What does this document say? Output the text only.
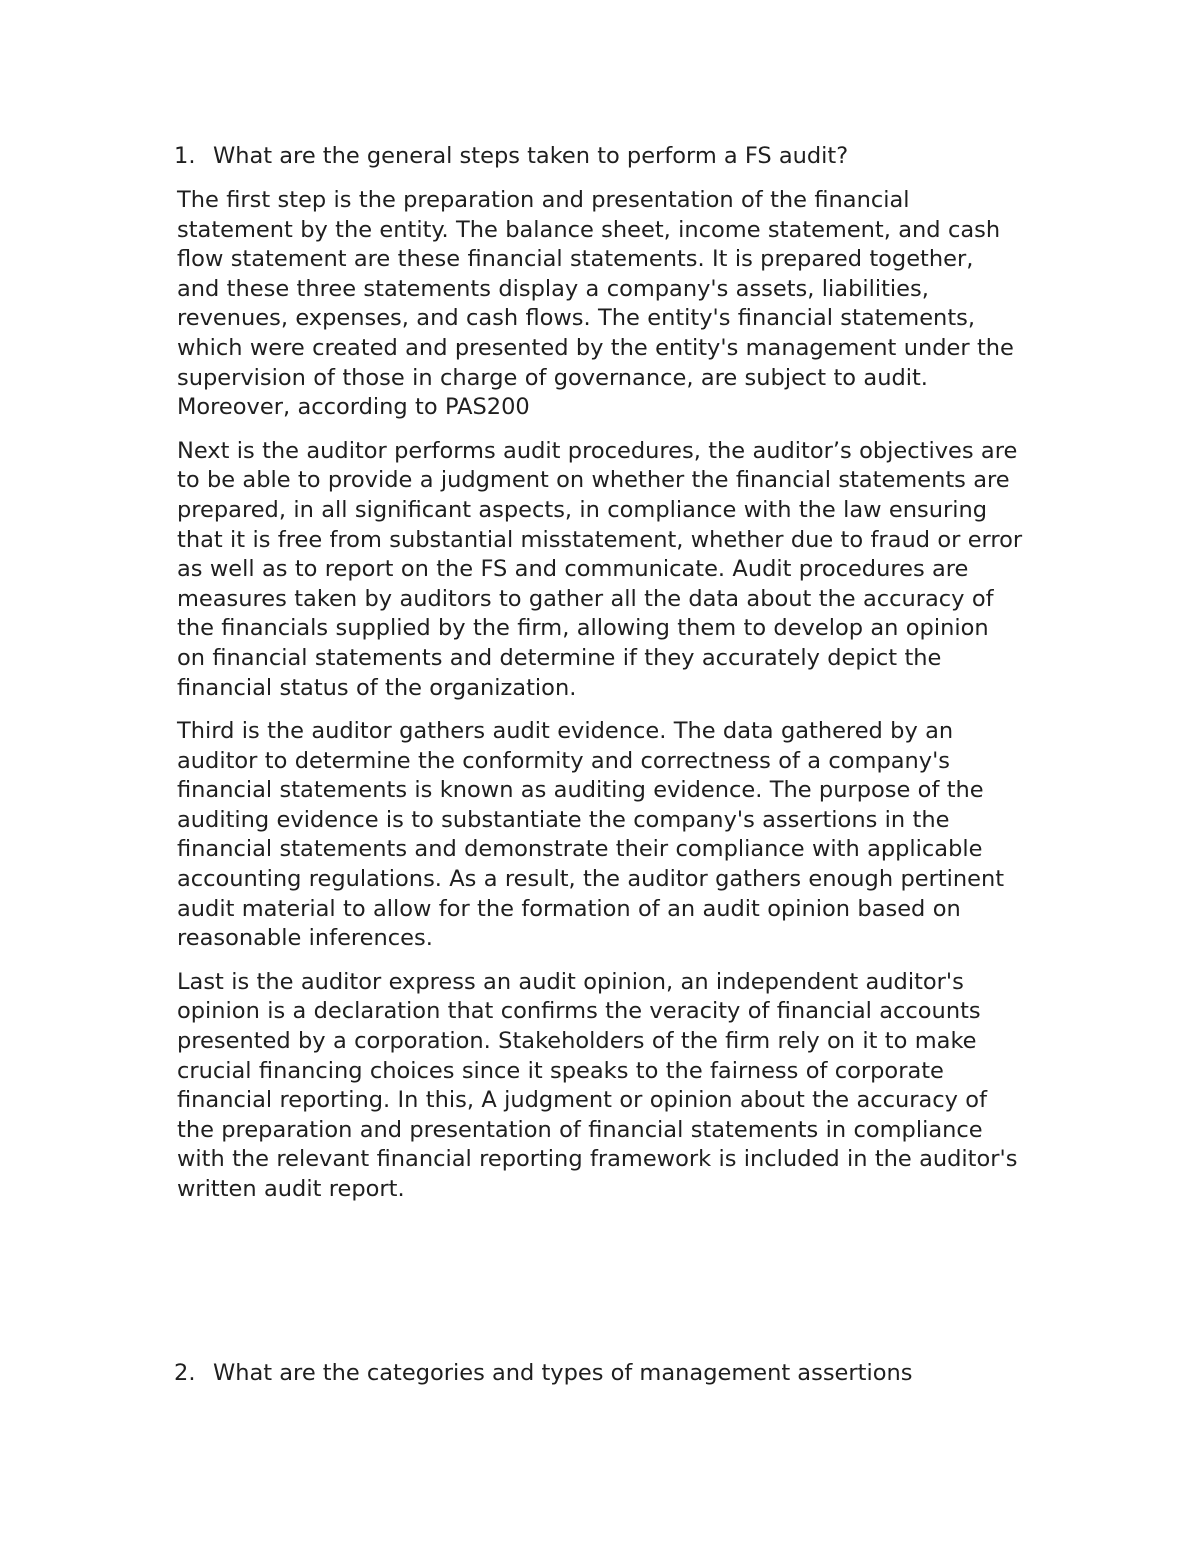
1. What are the general steps taken to perform a FS audit?

The first step is the preparation and presentation of the financial
statement by the entity. The balance sheet, income statement, and cash
flow statement are these financial statements. It is prepared together,
and these three statements display a company's assets, liabilities,
revenues, expenses, and cash flows. The entity's financial statements,
which were created and presented by the entity's management under the
supervision of those in charge of governance, are subject to audit.
Moreover, according to PAS200

Next is the auditor performs audit procedures, the auditor’s objectives are
to be able to provide a judgment on whether the financial statements are
prepared, in all significant aspects, in compliance with the law ensuring
that it is free from substantial misstatement, whether due to fraud or error
as well as to report on the FS and communicate. Audit procedures are
measures taken by auditors to gather all the data about the accuracy of
the financials supplied by the firm, allowing them to develop an opinion
on financial statements and determine if they accurately depict the
financial status of the organization.

Third is the auditor gathers audit evidence. The data gathered by an
auditor to determine the conformity and correctness of a company's
financial statements is known as auditing evidence. The purpose of the
auditing evidence is to substantiate the company's assertions in the
financial statements and demonstrate their compliance with applicable
accounting regulations. As a result, the auditor gathers enough pertinent
audit material to allow for the formation of an audit opinion based on
reasonable inferences.

Last is the auditor express an audit opinion, an independent auditor's
opinion is a declaration that confirms the veracity of financial accounts
presented by a corporation. Stakeholders of the firm rely on it to make
crucial financing choices since it speaks to the fairness of corporate
financial reporting. In this, A judgment or opinion about the accuracy of
the preparation and presentation of financial statements in compliance
with the relevant financial reporting framework is included in the auditor's
written audit report.

2. What are the categories and types of management assertions
